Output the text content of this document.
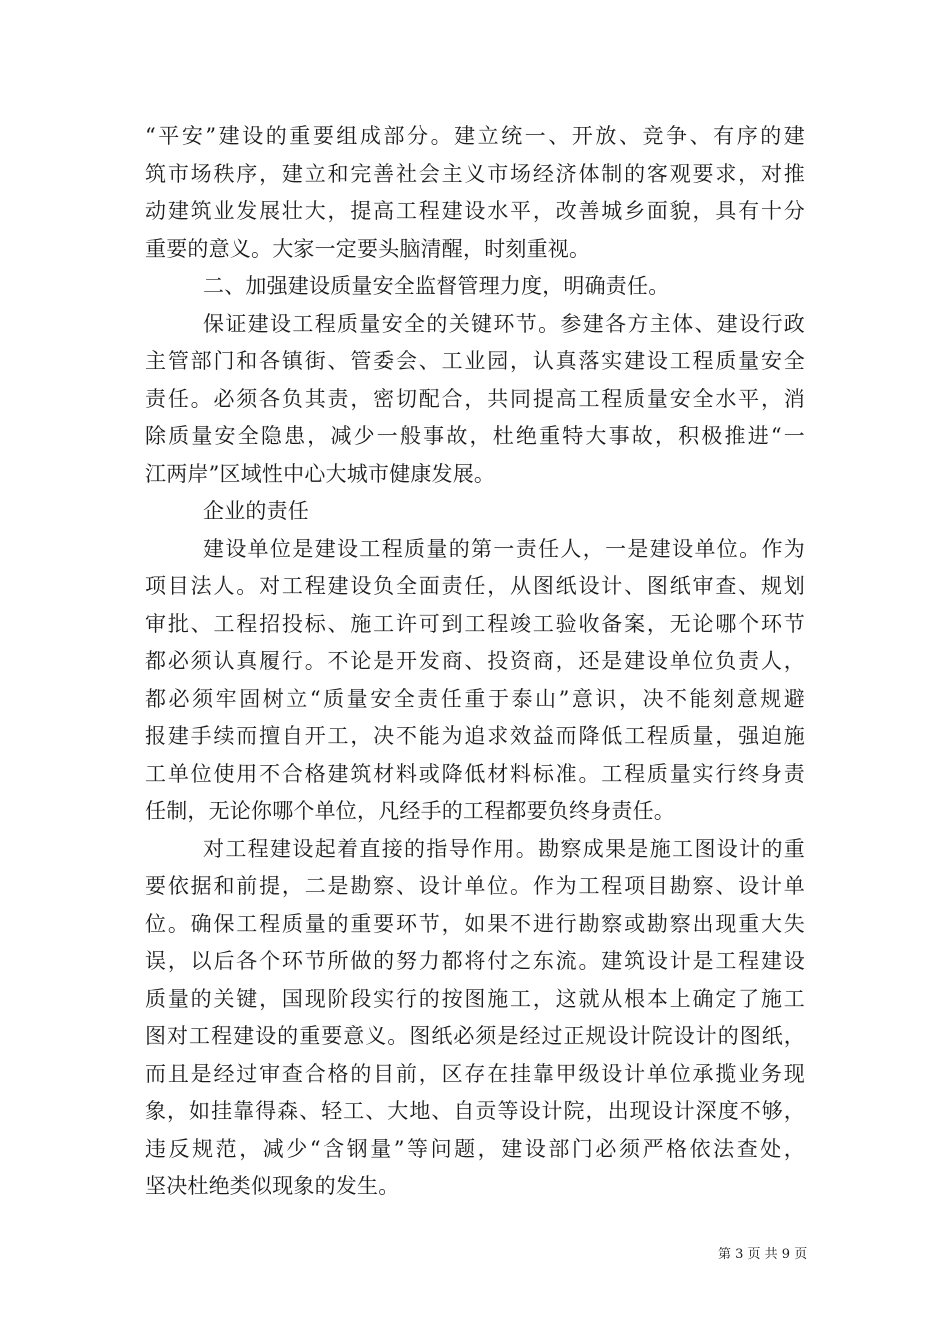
“平安”建设的重要组成部分。建立统一、开放、竞争、有序的建
筑市场秩序，建立和完善社会主义市场经济体制的客观要求，对推
动建筑业发展壮大，提高工程建设水平，改善城乡面貌，具有十分
重要的意义。大家一定要头脑清醒，时刻重视。
二、加强建设质量安全监督管理力度，明确责任。
保证建设工程质量安全的关键环节。参建各方主体、建设行政
主管部门和各镇街、管委会、工业园，认真落实建设工程质量安全
责任。必须各负其责，密切配合，共同提高工程质量安全水平，消
除质量安全隐患，减少一般事故，杜绝重特大事故，积极推进“一
江两岸”区域性中心大城市健康发展。
企业的责任
建设单位是建设工程质量的第一责任人，一是建设单位。作为
项目法人。对工程建设负全面责任，从图纸设计、图纸审查、规划
审批、工程招投标、施工许可到工程竣工验收备案，无论哪个环节
都必须认真履行。不论是开发商、投资商，还是建设单位负责人，
都必须牢固树立“质量安全责任重于泰山”意识，决不能刻意规避
报建手续而擅自开工，决不能为追求效益而降低工程质量，强迫施
工单位使用不合格建筑材料或降低材料标准。工程质量实行终身责
任制，无论你哪个单位，凡经手的工程都要负终身责任。
对工程建设起着直接的指导作用。勘察成果是施工图设计的重
要依据和前提，二是勘察、设计单位。作为工程项目勘察、设计单
位。确保工程质量的重要环节，如果不进行勘察或勘察出现重大失
误，以后各个环节所做的努力都将付之东流。建筑设计是工程建设
质量的关键，国现阶段实行的按图施工，这就从根本上确定了施工
图对工程建设的重要意义。图纸必须是经过正规设计院设计的图纸，
而且是经过审查合格的目前，区存在挂靠甲级设计单位承揽业务现
象，如挂靠得森、轻工、大地、自贡等设计院，出现设计深度不够，
违反规范，减少“含钢量”等问题，建设部门必须严格依法查处，
坚决杜绝类似现象的发生。
第 3 页 共 9 页
